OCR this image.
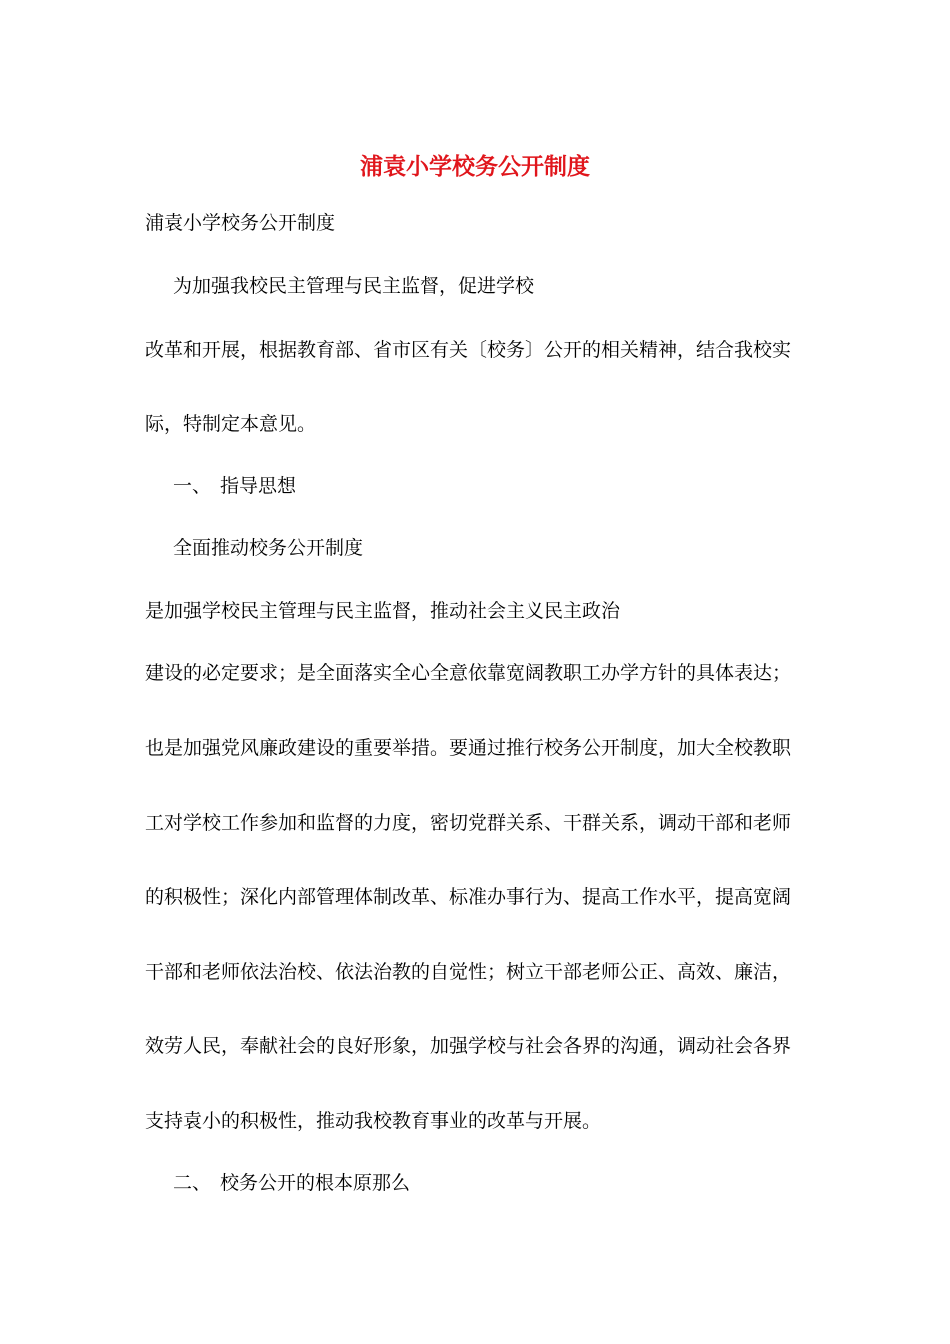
浦袁小学校务公开制度
浦袁小学校务公开制度
为加强我校民主管理与民主监督，促进学校
改革和开展，根据教育部、省市区有关〔校务〕公开的相关精神，结合我校实
际，特制定本意见。
一、 指导思想
全面推动校务公开制度
是加强学校民主管理与民主监督，推动社会主义民主政治
建设的必定要求；是全面落实全心全意依靠宽阔教职工办学方针的具体表达；
也是加强党风廉政建设的重要举措。要通过推行校务公开制度，加大全校教职
工对学校工作参加和监督的力度，密切党群关系、干群关系，调动干部和老师
的积极性；深化内部管理体制改革、标准办事行为、提高工作水平，提高宽阔
干部和老师依法治校、依法治教的自觉性；树立干部老师公正、高效、廉洁，
效劳人民，奉献社会的良好形象，加强学校与社会各界的沟通，调动社会各界
支持袁小的积极性，推动我校教育事业的改革与开展。
二、 校务公开的根本原那么
